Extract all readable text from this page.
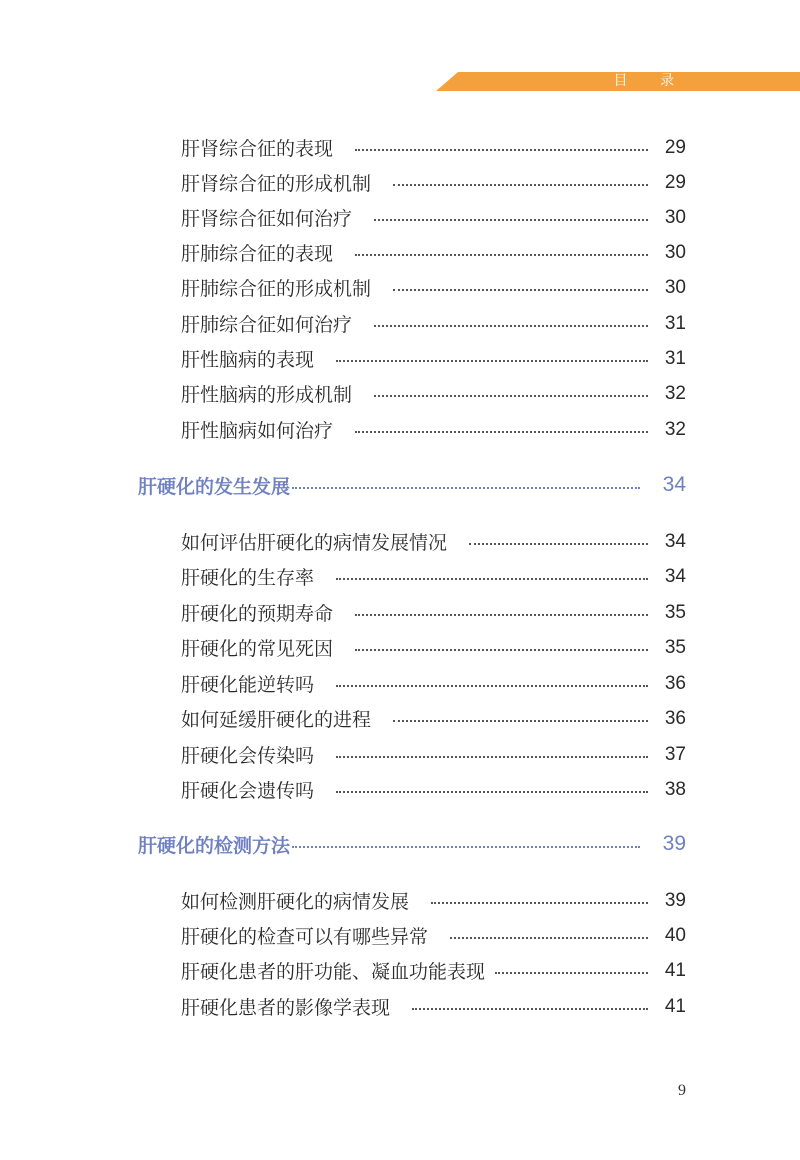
目 录
肝肾综合征的表现	29
肝肾综合征的形成机制	29
肝肾综合征如何治疗	30
肝肺综合征的表现	30
肝肺综合征的形成机制	30
肝肺综合征如何治疗	31
肝性脑病的表现	31
肝性脑病的形成机制	32
肝性脑病如何治疗	32
肝硬化的发生发展	34
如何评估肝硬化的病情发展情况	34
肝硬化的生存率	34
肝硬化的预期寿命	35
肝硬化的常见死因	35
肝硬化能逆转吗	36
如何延缓肝硬化的进程	36
肝硬化会传染吗	37
肝硬化会遗传吗	38
肝硬化的检测方法	39
如何检测肝硬化的病情发展	39
肝硬化的检查可以有哪些异常	40
肝硬化患者的肝功能、凝血功能表现	41
肝硬化患者的影像学表现	41
9
